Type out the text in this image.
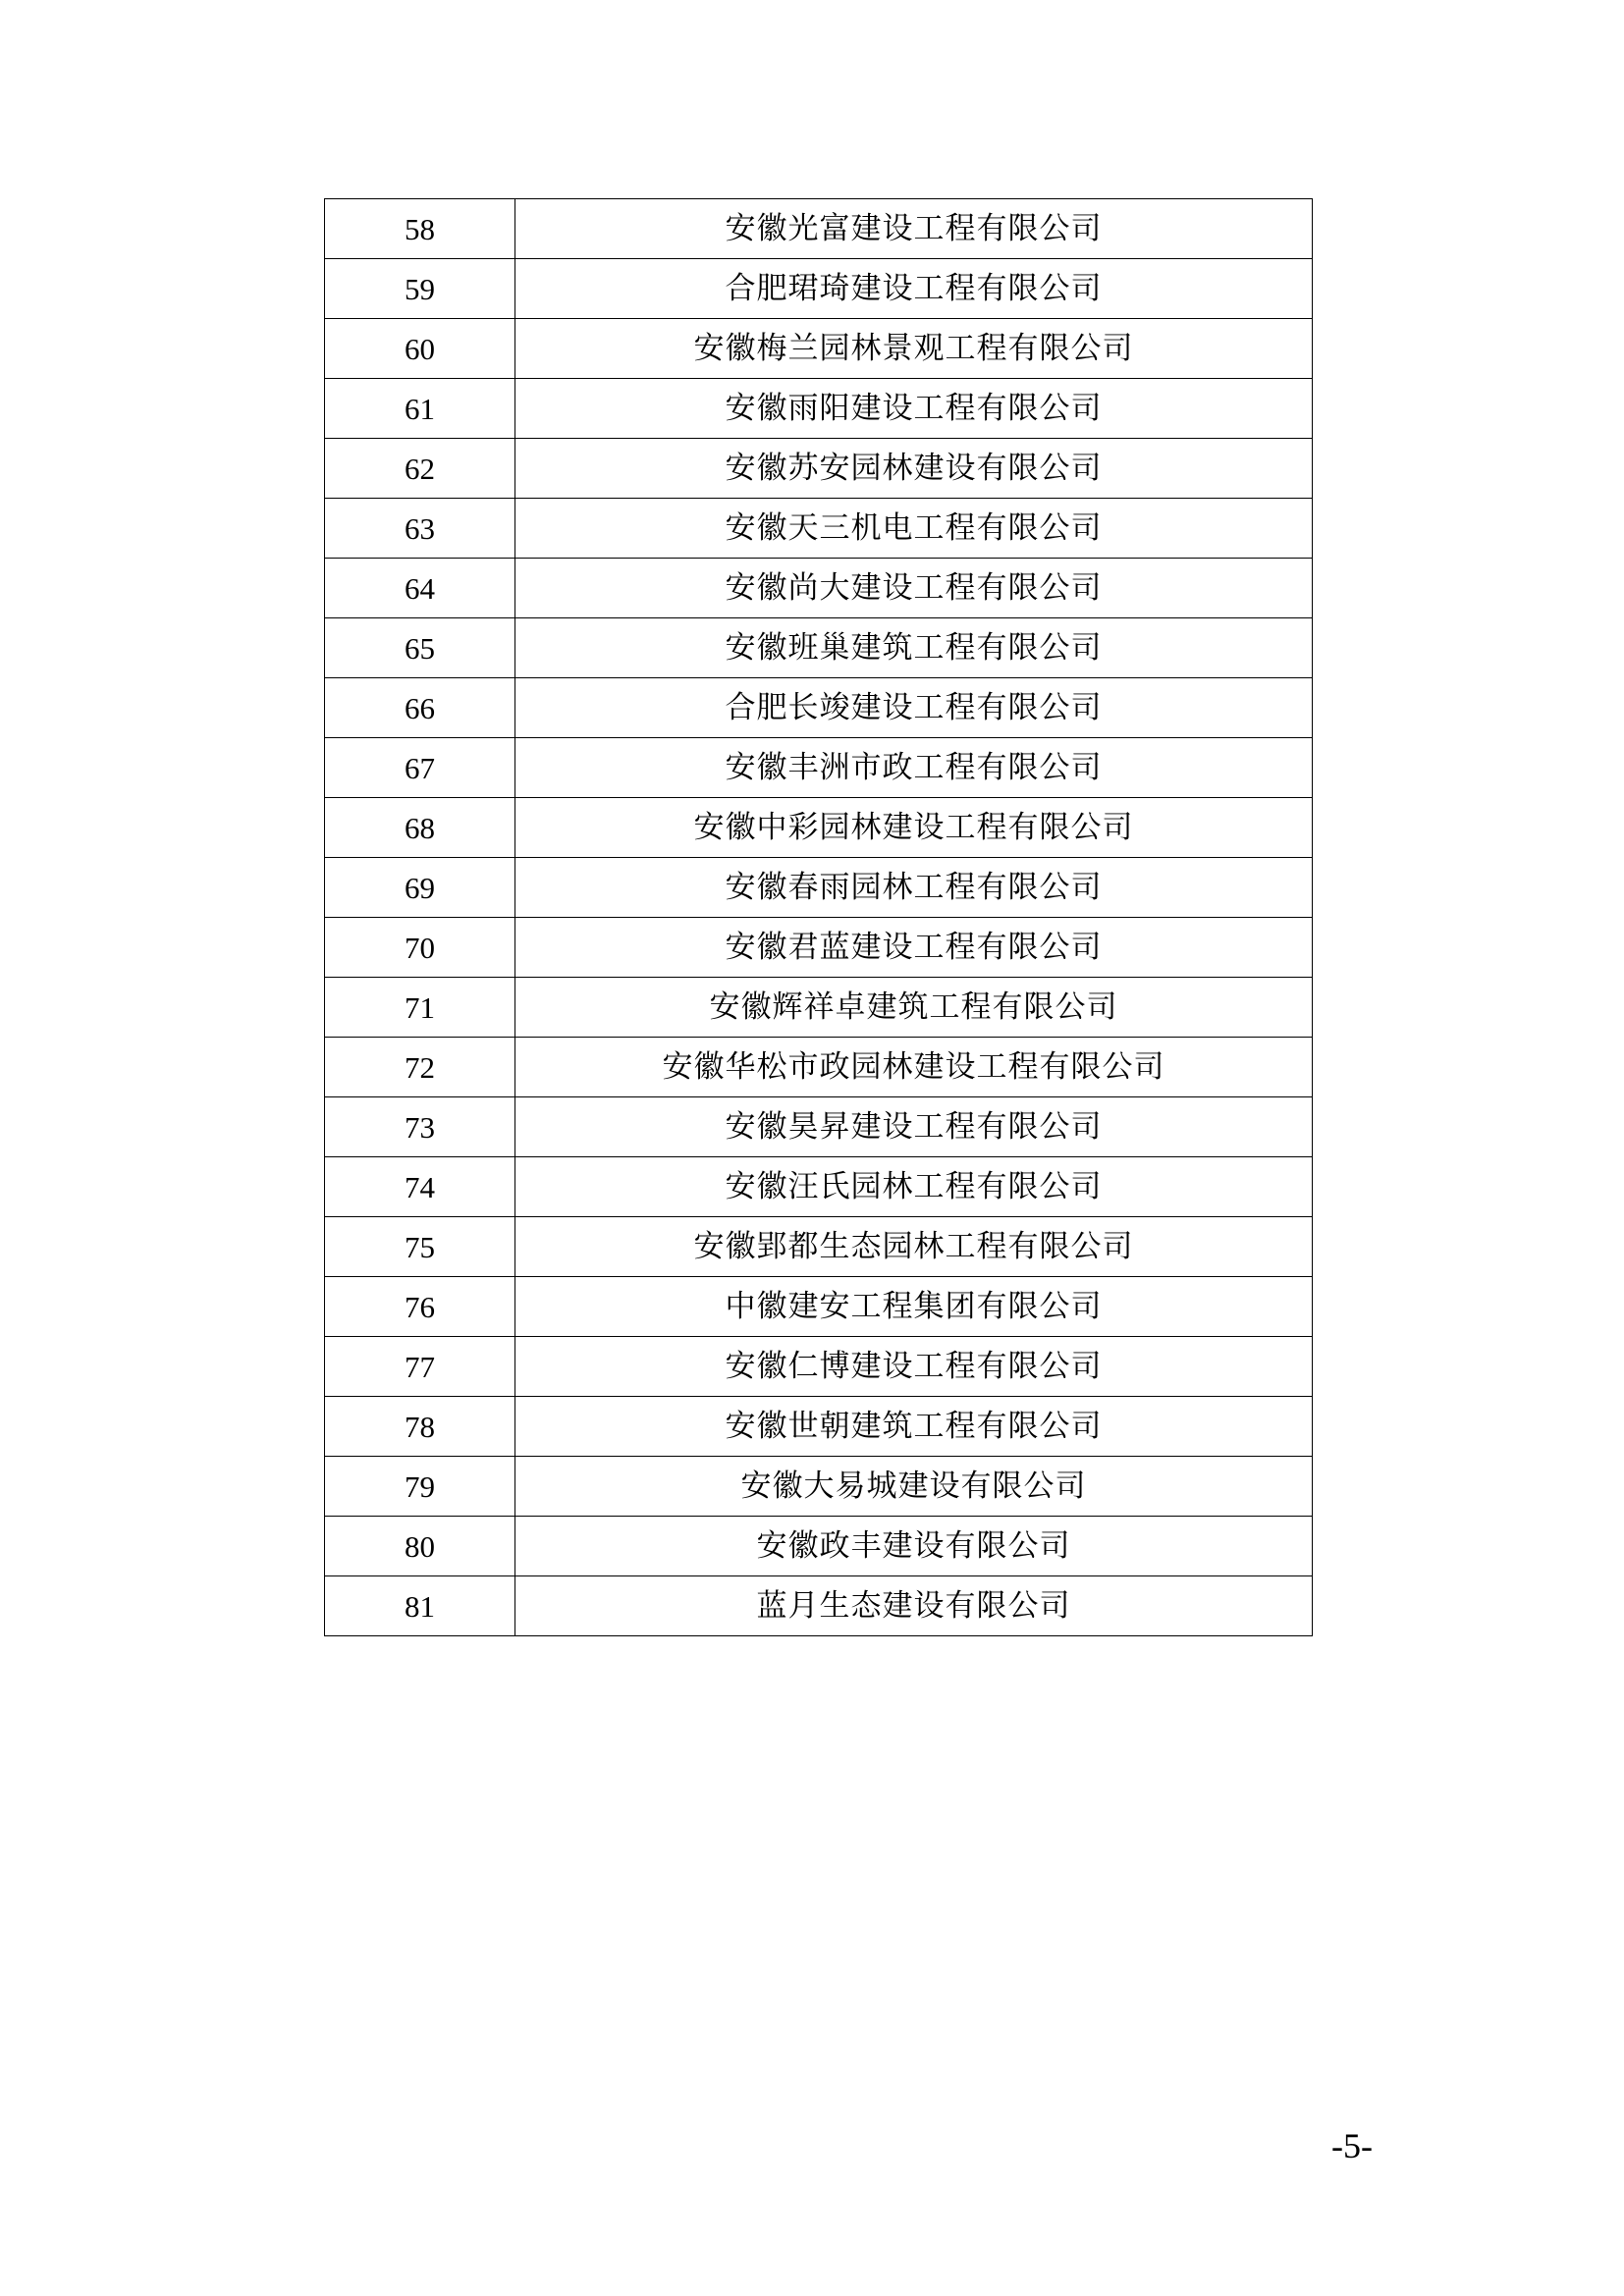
58	安徽光富建设工程有限公司
59	合肥珺琦建设工程有限公司
60	安徽梅兰园林景观工程有限公司
61	安徽雨阳建设工程有限公司
62	安徽苏安园林建设有限公司
63	安徽天三机电工程有限公司
64	安徽尚大建设工程有限公司
65	安徽班巢建筑工程有限公司
66	合肥长竣建设工程有限公司
67	安徽丰洲市政工程有限公司
68	安徽中彩园林建设工程有限公司
69	安徽春雨园林工程有限公司
70	安徽君蓝建设工程有限公司
71	安徽辉祥卓建筑工程有限公司
72	安徽华松市政园林建设工程有限公司
73	安徽昊昇建设工程有限公司
74	安徽汪氏园林工程有限公司
75	安徽郢都生态园林工程有限公司
76	中徽建安工程集团有限公司
77	安徽仁博建设工程有限公司
78	安徽世朝建筑工程有限公司
79	安徽大易城建设有限公司
80	安徽政丰建设有限公司
81	蓝月生态建设有限公司
-5-
